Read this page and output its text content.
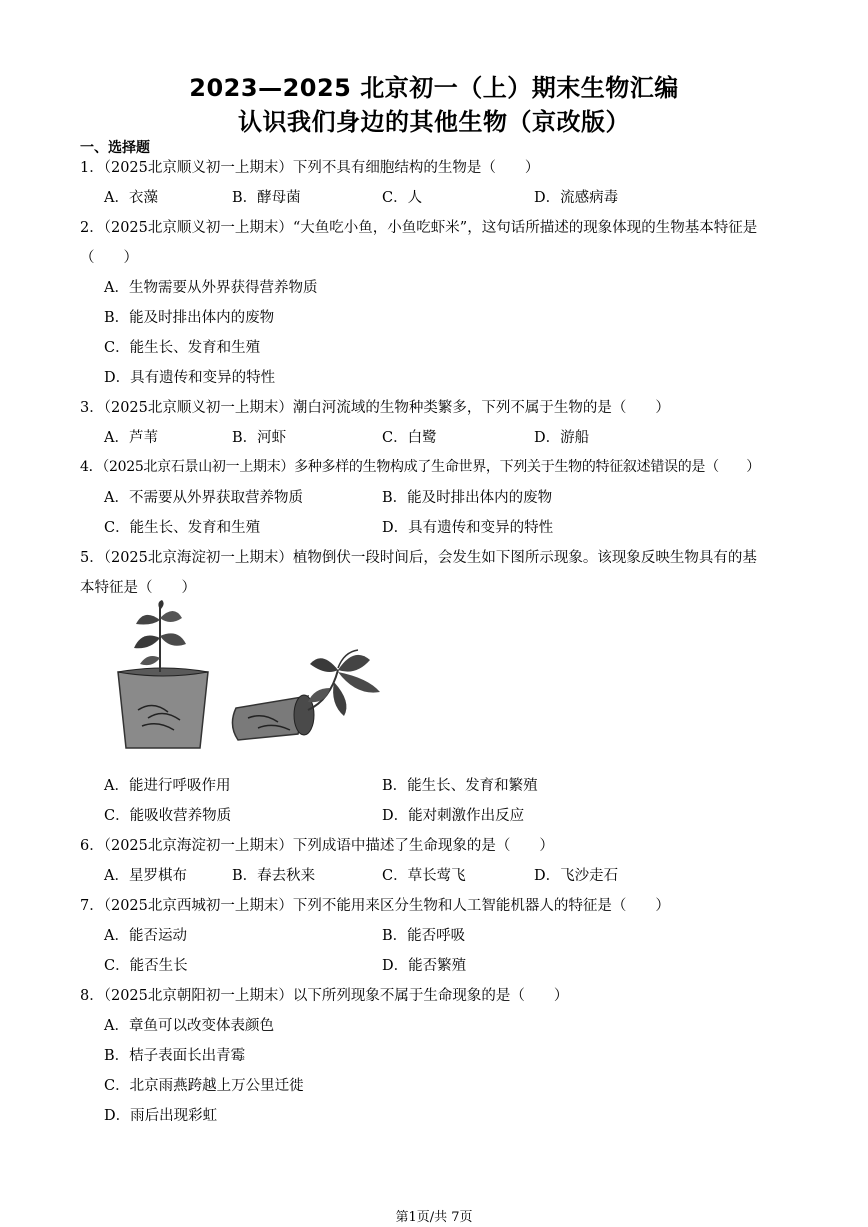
2023—2025 北京初一（上）期末生物汇编
认识我们身边的其他生物（京改版）
一、选择题
1．（2025北京顺义初一上期末）下列不具有细胞结构的生物是（　　）
A．衣藻	B．酵母菌	C．人	D．流感病毒
2．（2025北京顺义初一上期末）“大鱼吃小鱼，小鱼吃虾米”，这句话所描述的现象体现的生物基本特征是
（　　）
A．生物需要从外界获得营养物质
B．能及时排出体内的废物
C．能生长、发育和生殖
D．具有遗传和变异的特性
3．（2025北京顺义初一上期末）潮白河流域的生物种类繁多，下列不属于生物的是（　　）
A．芦苇	B．河虾	C．白鹭	D．游船
4．（2025北京石景山初一上期末）多种多样的生物构成了生命世界，下列关于生物的特征叙述错误的是（　　）
A．不需要从外界获取营养物质	B．能及时排出体内的废物
C．能生长、发育和生殖	D．具有遗传和变异的特性
5．（2025北京海淀初一上期末）植物倒伏一段时间后，会发生如下图所示现象。该现象反映生物具有的基
本特征是（　　）
A．能进行呼吸作用	B．能生长、发育和繁殖
C．能吸收营养物质	D．能对刺激作出反应
6．（2025北京海淀初一上期末）下列成语中描述了生命现象的是（　　）
A．星罗棋布	B．春去秋来	C．草长莺飞	D．飞沙走石
7．（2025北京西城初一上期末）下列不能用来区分生物和人工智能机器人的特征是（　　）
A．能否运动	B．能否呼吸
C．能否生长	D．能否繁殖
8．（2025北京朝阳初一上期末）以下所列现象不属于生命现象的是（　　）
A．章鱼可以改变体表颜色
B．桔子表面长出青霉
C．北京雨燕跨越上万公里迁徙
D．雨后出现彩虹
第1页/共 7页
